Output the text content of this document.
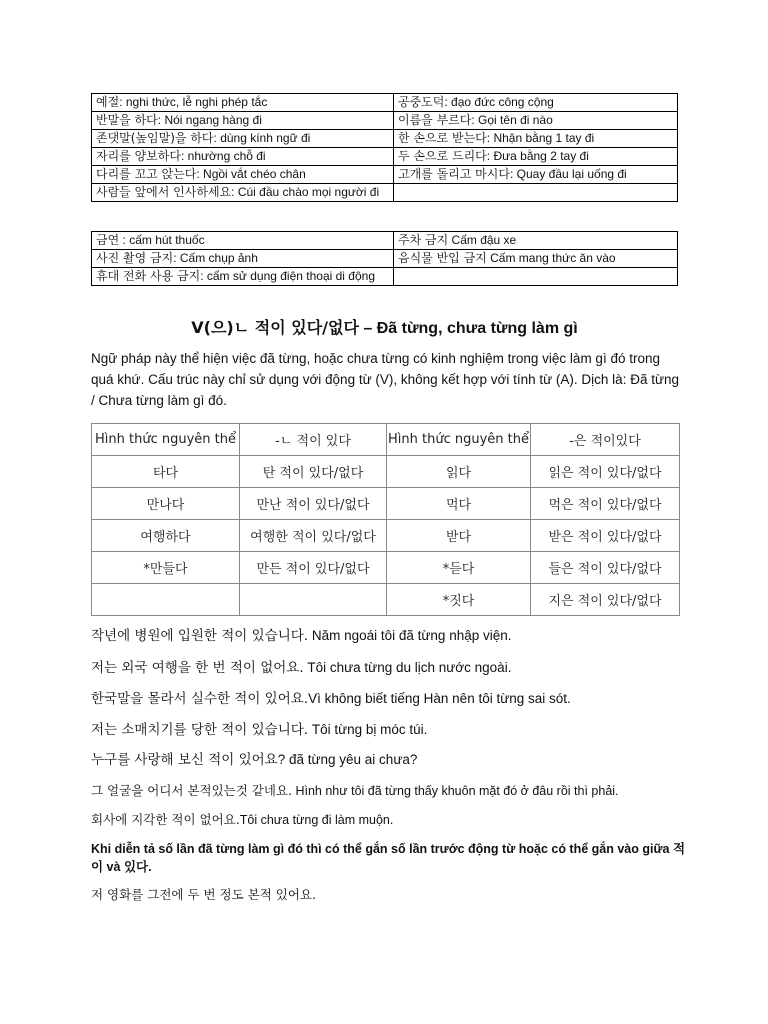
예절: nghi thức, lễ nghi phép tắc	공중도덕: đạo đức công cộng
반말을 하다: Nói ngang hàng đi	이름을 부르다: Gọi tên đi nào
존댓말(높임말)을 하다: dùng kính ngữ đi	한 손으로 받는다: Nhận bằng 1 tay đi
자리를 양보하다: nhường chỗ đi	두 손으로 드리다: Đưa bằng 2 tay đi
다리를 꼬고 앉는다: Ngồi vắt chéo chân	고개를 돌리고 마시다: Quay đầu lại uống đi
사람들 앞에서 인사하세요: Cúi đầu chào mọi người đi	
금연 : cấm hút thuốc	주차 금지 Cấm đậu xe
사진 촬영 금지: Cấm chụp ảnh	음식물 반입 금지 Cấm mang thức ăn vào
휴대 전화 사용 금지: cấm sử dụng điện thoại di động	
V(으)ㄴ 적이 있다/없다 – Đã từng, chưa từng làm gì
Ngữ pháp này thể hiện việc đã từng, hoặc chưa từng có kinh nghiệm trong việc làm gì đó trong quá khứ. Cấu trúc này chỉ sử dụng với động từ (V), không kết hợp với tính từ (A). Dịch là: Đã từng / Chưa từng làm gì đó.
Hình thức nguyên thể	-ㄴ 적이 있다	Hình thức nguyên thể	-은 적이있다
타다	탄 적이 있다/없다	읽다	읽은 적이 있다/없다
만나다	만난 적이 있다/없다	먹다	먹은 적이 있다/없다
여행하다	여행한 적이 있다/없다	받다	받은 적이 있다/없다
*만들다	만든 적이 있다/없다	*듣다	들은 적이 있다/없다
		*짓다	지은 적이 있다/없다
작년에 병원에 입원한 적이 있습니다. Năm ngoái tôi đã từng nhập viện.
저는 외국 여행을 한 번 적이 없어요. Tôi chưa từng du lịch nước ngoài.
한국말을 몰라서 실수한 적이 있어요.Vì không biết tiếng Hàn nên tôi từng sai sót.
저는 소매치기를 당한 적이 있습니다. Tôi từng bị móc túi.
누구를 사랑해 보신 적이 있어요? đã từng yêu ai chưa?
그 얼굴을 어디서 본적있는것 같네요. Hình như tôi đã từng thấy khuôn mặt đó ở đâu rồi thì phải.
회사에 지각한 적이 없어요.Tôi chưa từng đi làm muộn.
Khi diễn tả số lần đã từng làm gì đó thì có thể gắn số lần trước động từ hoặc có thể gắn vào giữa 적이 và 있다.
저 영화를 그전에 두 번 정도 본적 있어요.
